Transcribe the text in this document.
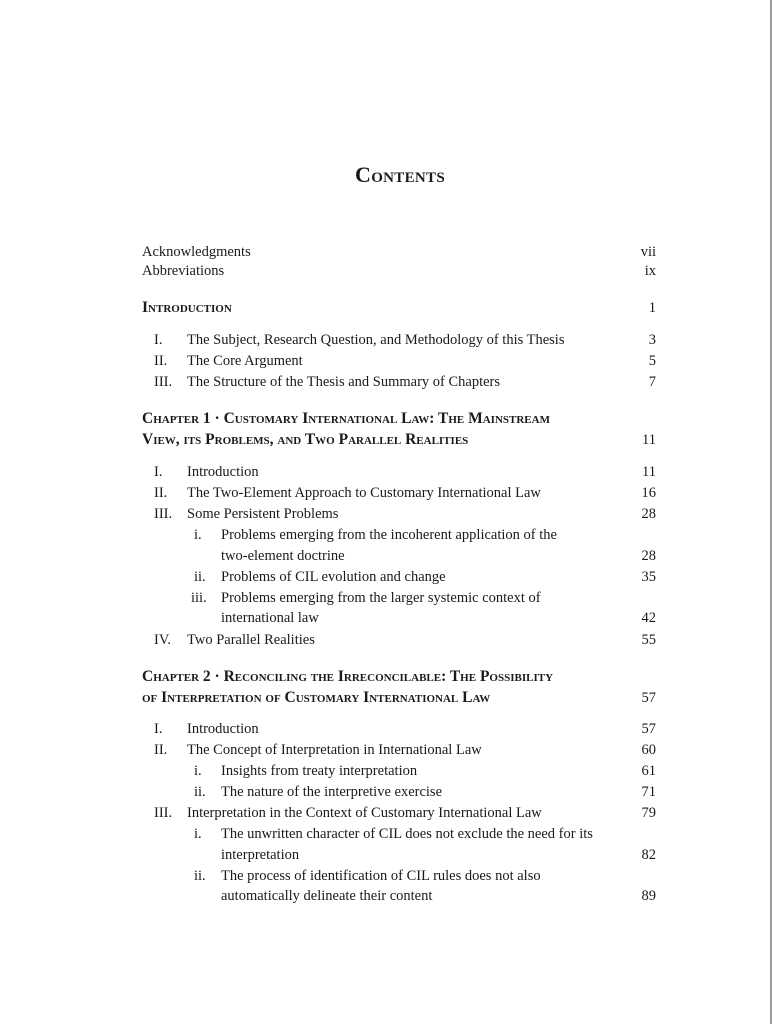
Contents
Acknowledgments	vii
Abbreviations	ix
Introduction	1
I. The Subject, Research Question, and Methodology of this Thesis	3
II. The Core Argument	5
III. The Structure of the Thesis and Summary of Chapters	7
Chapter 1 · Customary International Law: The Mainstream
View, its Problems, and Two Parallel Realities	11
I. Introduction	11
II. The Two-Element Approach to Customary International Law	16
III. Some Persistent Problems	28
i. Problems emerging from the incoherent application of the
two-element doctrine	28
ii. Problems of CIL evolution and change	35
iii. Problems emerging from the larger systemic context of
international law	42
IV. Two Parallel Realities	55
Chapter 2 · Reconciling the Irreconcilable: The Possibility
of Interpretation of Customary International Law	57
I. Introduction	57
II. The Concept of Interpretation in International Law	60
i. Insights from treaty interpretation	61
ii. The nature of the interpretive exercise	71
III. Interpretation in the Context of Customary International Law	79
i. The unwritten character of CIL does not exclude the need for its
interpretation	82
ii. The process of identification of CIL rules does not also
automatically delineate their content	89
